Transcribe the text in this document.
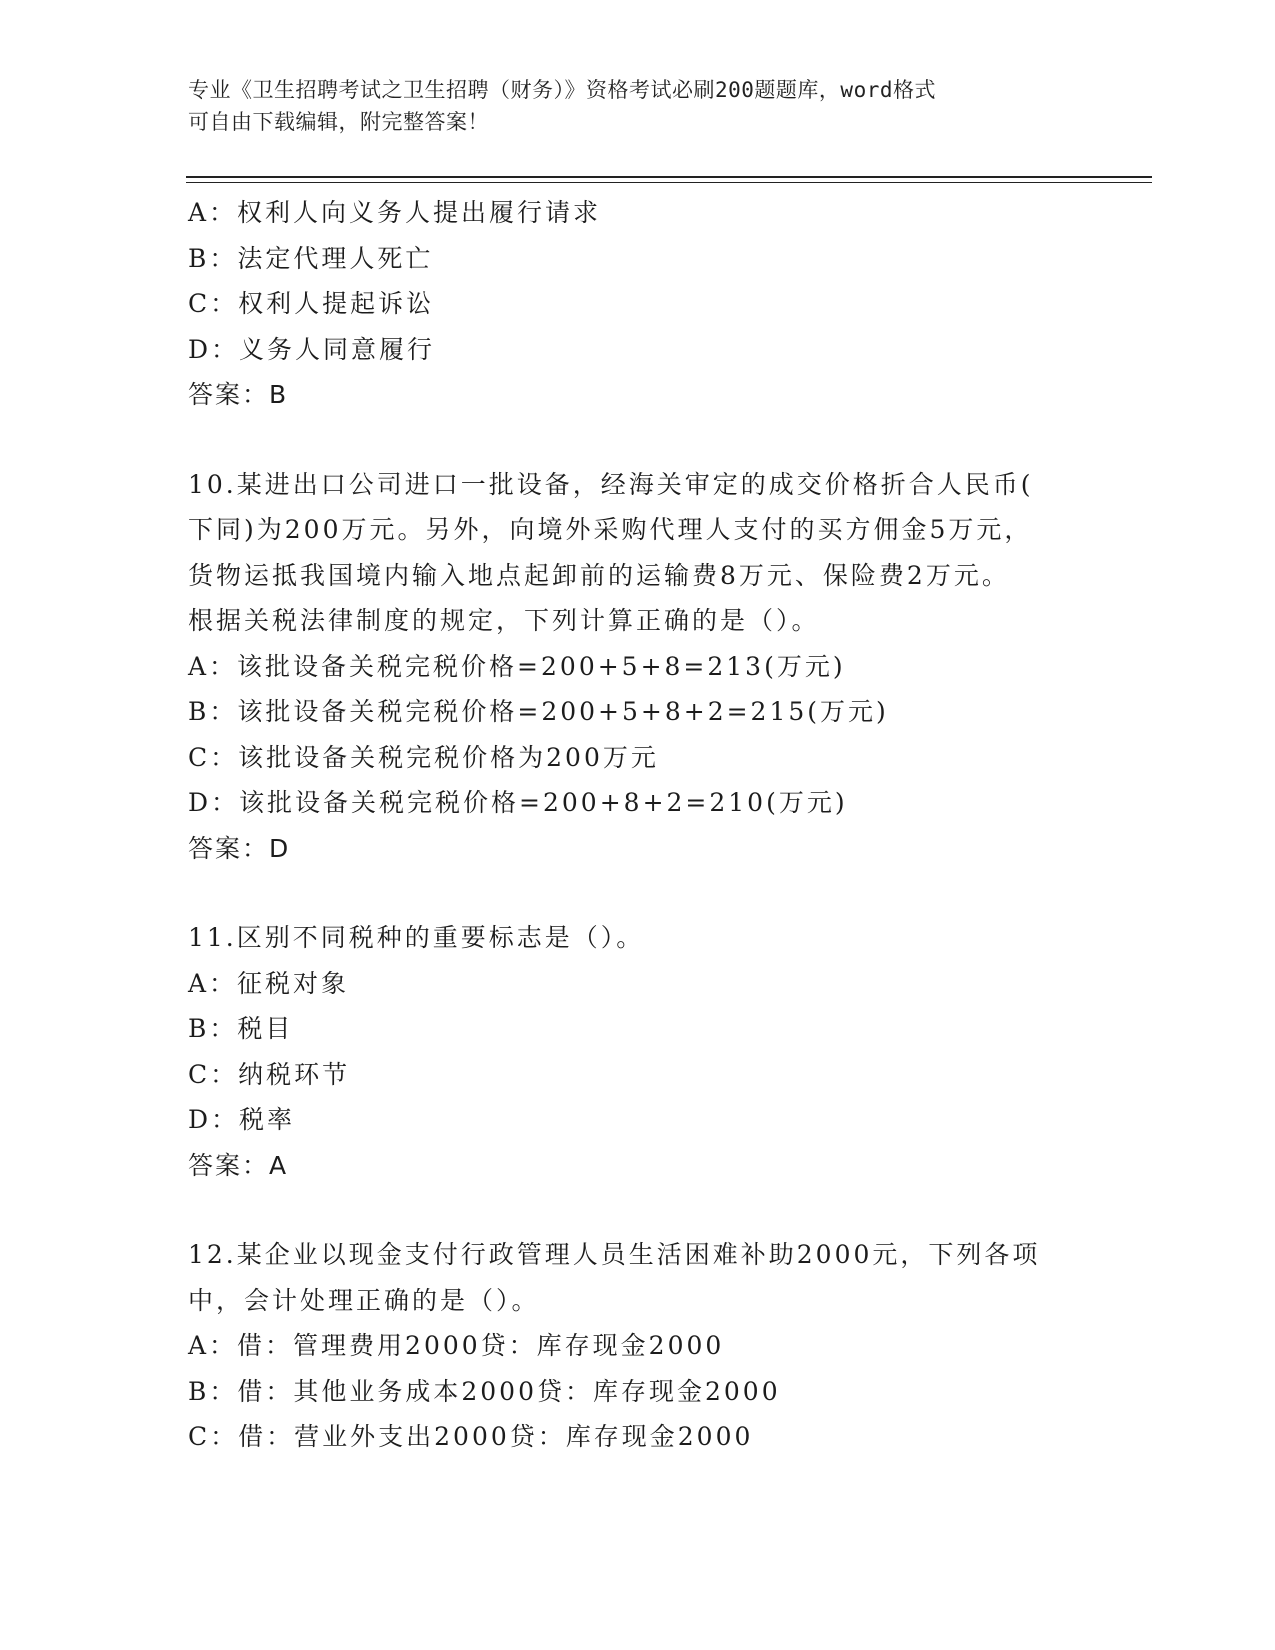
专业《卫生招聘考试之卫生招聘（财务）》资格考试必刷200题题库，word格式
可自由下载编辑，附完整答案！
A：权利人向义务人提出履行请求
B：法定代理人死亡
C：权利人提起诉讼
D：义务人同意履行
答案：B
10.某进出口公司进口一批设备，经海关审定的成交价格折合人民币(
下同)为200万元。另外，向境外采购代理人支付的买方佣金5万元，
货物运抵我国境内输入地点起卸前的运输费8万元、保险费2万元。
根据关税法律制度的规定，下列计算正确的是（）。
A：该批设备关税完税价格=200+5+8=213(万元)
B：该批设备关税完税价格=200+5+8+2=215(万元)
C：该批设备关税完税价格为200万元
D：该批设备关税完税价格=200+8+2=210(万元)
答案：D
11.区别不同税种的重要标志是（）。
A：征税对象
B：税目
C：纳税环节
D：税率
答案：A
12.某企业以现金支付行政管理人员生活困难补助2000元，下列各项
中，会计处理正确的是（）。
A：借：管理费用2000贷：库存现金2000
B：借：其他业务成本2000贷：库存现金2000
C：借：营业外支出2000贷：库存现金2000
